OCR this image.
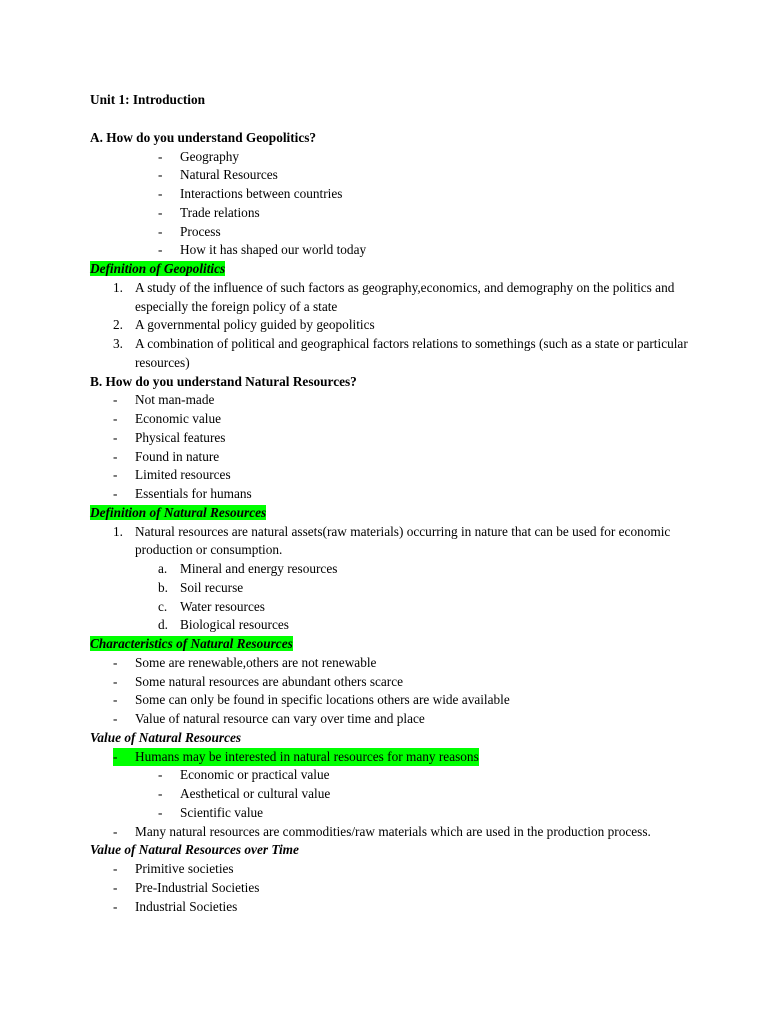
Unit 1: Introduction

A. How do you understand Geopolitics?

-	Geography
-	Natural Resources
-	Interactions between countries
-	Trade relations
-	Process
-	How it has shaped our world today

Definition of Geopolitics

1. A study of the influence of such factors as geography,economics, and demography on the politics and especially the foreign policy of a state
2. A governmental policy guided by geopolitics
3. A combination of political and geographical factors relations to somethings (such as a state or particular resources)

B. How do you understand Natural Resources?

-	Not man-made
-	Economic value
-	Physical features
-	Found in nature
-	Limited resources
-	Essentials for humans

Definition of Natural Resources

1. Natural resources are natural assets(raw materials) occurring in nature that can be used for economic production or consumption.
a. Mineral and energy resources
b. Soil recurse
c. Water resources
d. Biological resources

Characteristics of Natural Resources

-	Some are renewable,others are not renewable
-	Some natural resources are abundant others scarce
-	Some can only be found in specific locations others are wide available
-	Value of natural resource can vary over time and place

Value of Natural Resources

- Humans may be interested in natural resources for many reasons
-	Economic or practical value
-	Aesthetical or cultural value
-	Scientific value
-	Many natural resources are commodities/raw materials which are used in the production process.

Value of Natural Resources over Time

-	Primitive societies
-	Pre-Industrial Societies
-	Industrial Societies
